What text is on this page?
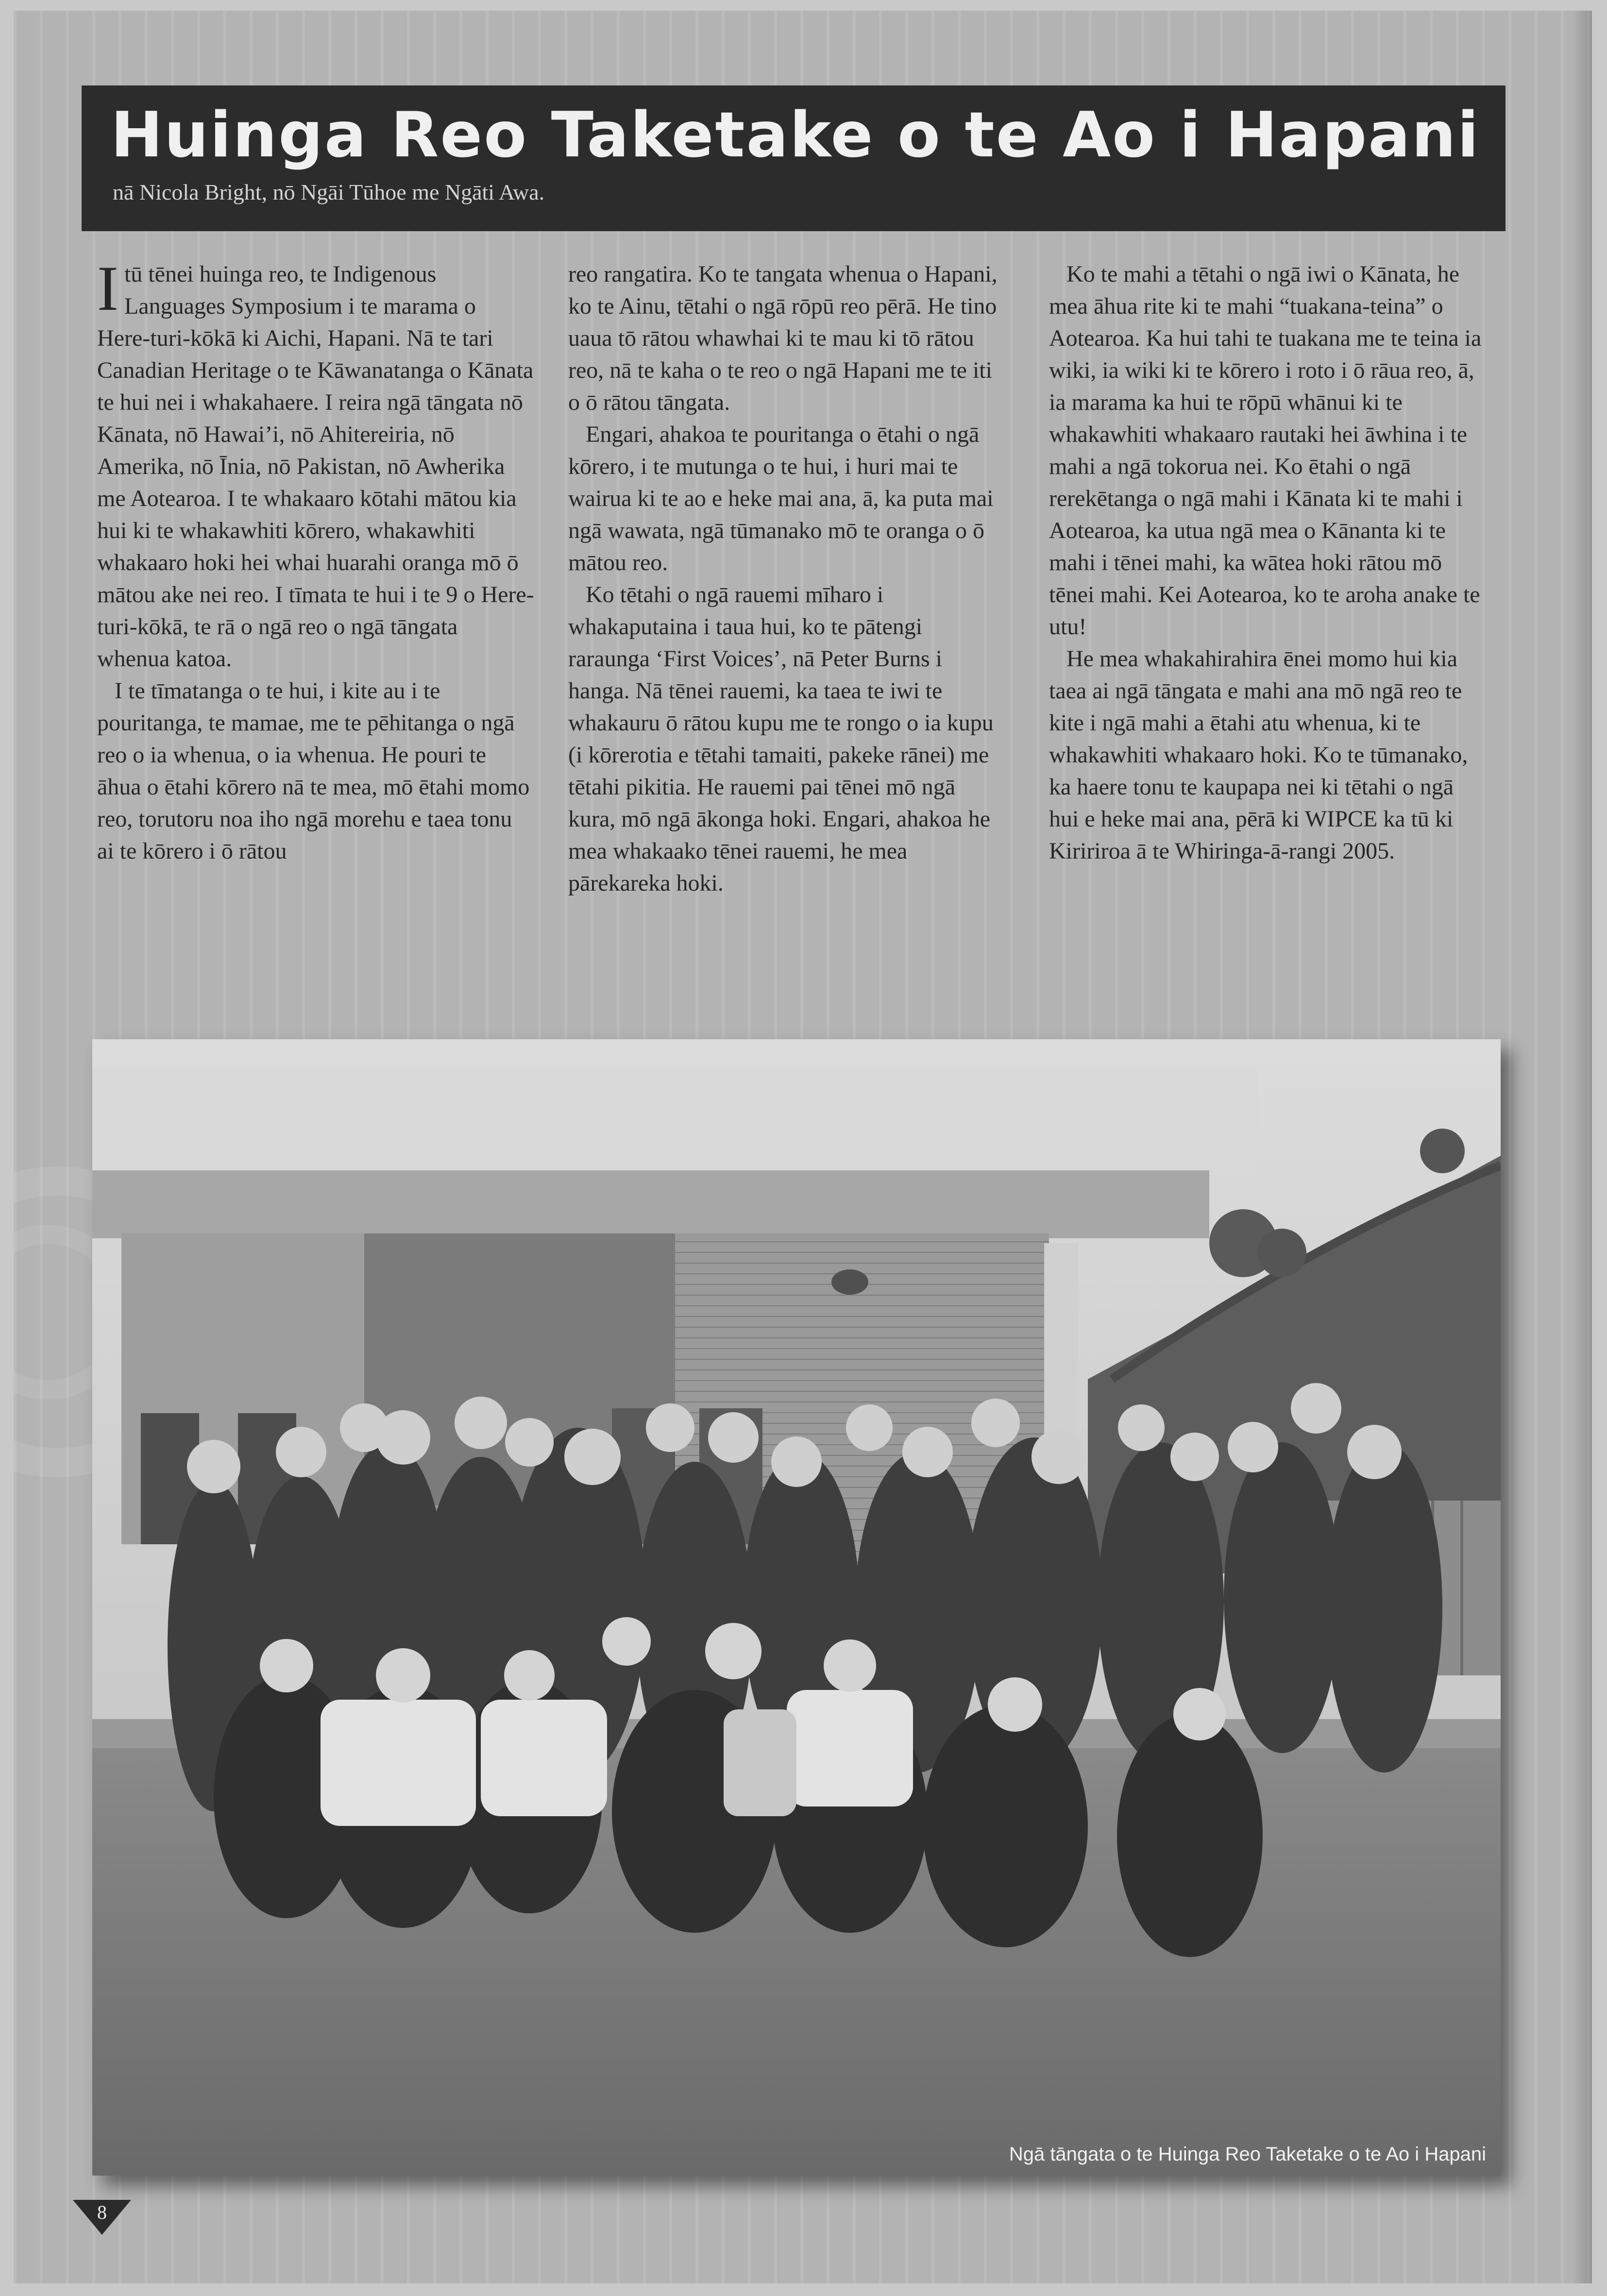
Huinga Reo Taketake o te Ao i Hapani
nā Nicola Bright, nō Ngāi Tūhoe me Ngāti Awa.

Itū tēnei huinga reo, te Indigenous Languages Symposium i te marama o Here-turi-kōkā ki Aichi, Hapani. Nā te tari Canadian Heritage o te Kāwanatanga o Kānata te hui nei i whakahaere. I reira ngā tāngata nō Kānata, nō Hawai’i, nō Ahitereiria, nō Amerika, nō Īnia, nō Pakistan, nō Awherika me Aotearoa. I te whakaaro kōtahi mātou kia hui ki te whakawhiti kōrero, whakawhiti whakaaro hoki hei whai huarahi oranga mō ō mātou ake nei reo. I tīmata te hui i te 9 o Here-turi-kōkā, te rā o ngā reo o ngā tāngata whenua katoa.

I te tīmatanga o te hui, i kite au i te pouritanga, te mamae, me te pēhitanga o ngā reo o ia whenua, o ia whenua. He pouri te āhua o ētahi kōrero nā te mea, mō ētahi momo reo, torutoru noa iho ngā morehu e taea tonu ai te kōrero i ō rātou

reo rangatira. Ko te tangata whenua o Hapani, ko te Ainu, tētahi o ngā rōpū reo pērā. He tino uaua tō rātou whawhai ki te mau ki tō rātou reo, nā te kaha o te reo o ngā Hapani me te iti o ō rātou tāngata.

Engari, ahakoa te pouritanga o ētahi o ngā kōrero, i te mutunga o te hui, i huri mai te wairua ki te ao e heke mai ana, ā, ka puta mai ngā wawata, ngā tūmanako mō te oranga o ō mātou reo.

Ko tētahi o ngā rauemi mīharo i whakaputaina i taua hui, ko te pātengi raraunga ‘First Voices’, nā Peter Burns i hanga. Nā tēnei rauemi, ka taea te iwi te whakauru ō rātou kupu me te rongo o ia kupu (i kōrerotia e tētahi tamaiti, pakeke rānei) me tētahi pikitia. He rauemi pai tēnei mō ngā kura, mō ngā ākonga hoki. Engari, ahakoa he mea whakaako tēnei rauemi, he mea pārekareka hoki.

Ko te mahi a tētahi o ngā iwi o Kānata, he mea āhua rite ki te mahi “tuakana-teina” o Aotearoa. Ka hui tahi te tuakana me te teina ia wiki, ia wiki ki te kōrero i roto i ō rāua reo, ā, ia marama ka hui te rōpū whānui ki te whakawhiti whakaaro rautaki hei āwhina i te mahi a ngā tokorua nei. Ko ētahi o ngā rerekētanga o ngā mahi i Kānata ki te mahi i Aotearoa, ka utua ngā mea o Kānanta ki te mahi i tēnei mahi, ka wātea hoki rātou mō tēnei mahi. Kei Aotearoa, ko te aroha anake te utu!

He mea whakahirahira ēnei momo hui kia taea ai ngā tāngata e mahi ana mō ngā reo te kite i ngā mahi a ētahi atu whenua, ki te whakawhiti whakaaro hoki. Ko te tūmanako, ka haere tonu te kaupapa nei ki tētahi o ngā hui e heke mai ana, pērā ki WIPCE ka tū ki Kiririroa ā te Whiringa-ā-rangi 2005.

Ngā tāngata o te Huinga Reo Taketake o te Ao i Hapani
8
